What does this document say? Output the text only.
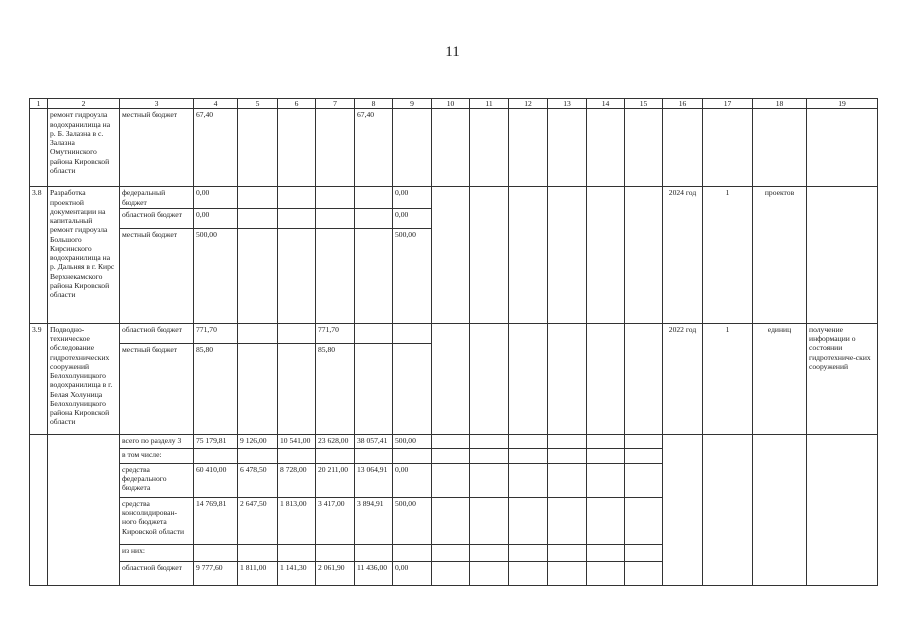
11
1	2	3	4	5	6	7	8	9	10	11	12	13	14	15	16	17	18	19
	ремонт гидроузла водохранилища на р. Б. Залазна в с. Залазна Омутнинского района Кировской области	местный бюджет	67,40				67,40											
3.8	Разработка проектной документации на капитальный ремонт гидроузла Большого Кирсинского водохранилища на р. Дальняя в г. Кирс Верхнекамского района Кировской области	федеральный бюджет	0,00					0,00							2024 год	1	проектов	
		областной бюджет	0,00					0,00										
		местный бюджет	500,00					500,00										
3.9	Подводно-техническое обследование гидротехнических сооружений Белохолуницкого водохранилища в г. Белая Холуница Белохолуницкого района Кировской области	областной бюджет	771,70			771,70									2022 год	1	единиц	получение информации о состоянии гидротехниче-ских сооружений
		местный бюджет	85,80			85,80												
		всего по разделу 3	75 179,81	9 126,00	10 541,00	23 628,00	38 057,41	500,00										
		в том числе:																
		средства федерального бюджета	60 410,00	6 478,50	8 728,00	20 211,00	13 064,91	0,00										
		средства консолидирован-ного бюджета Кировской области	14 769,81	2 647,50	1 813,00	3 417,00	3 894,91	500,00										
		из них:																
		областной бюджет	9 777,60	1 811,00	1 141,30	2 061,90	11 436,00	0,00										
